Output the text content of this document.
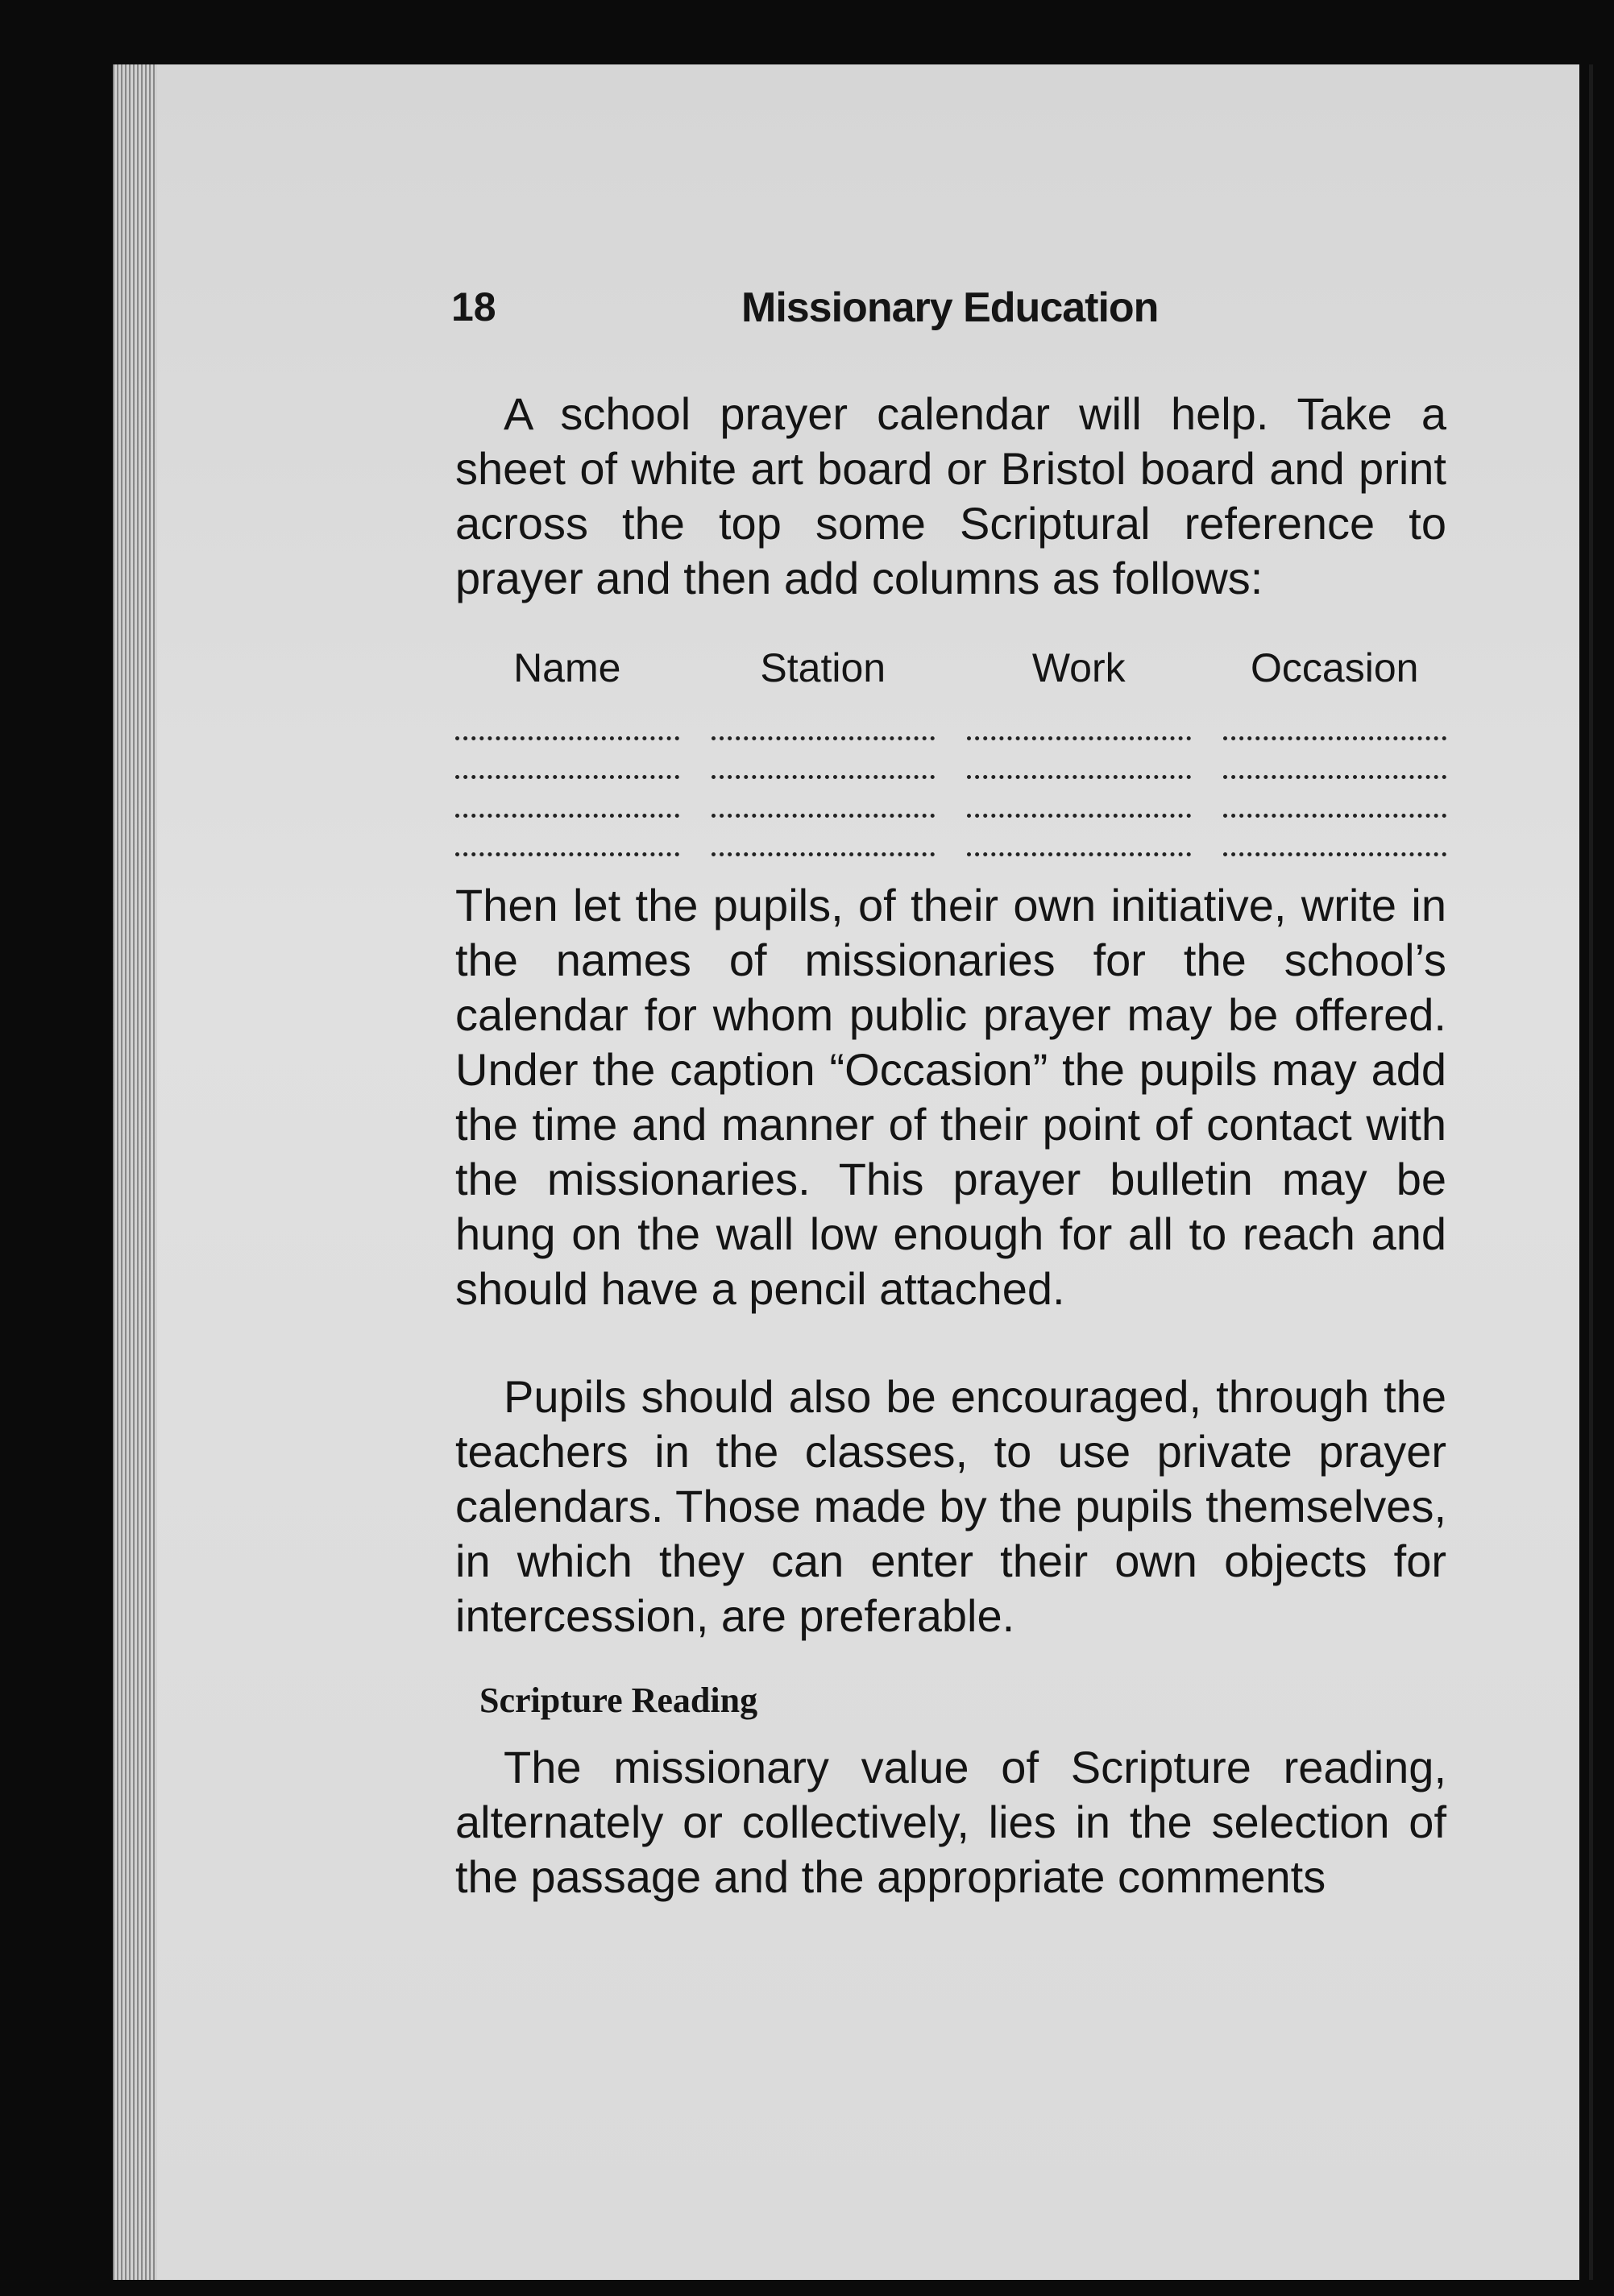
18	Missionary Education

A school prayer calendar will help. Take a sheet of white art board or Bristol board and print across the top some Scriptural reference to prayer and then add columns as follows:

Name	Station	Work	Occasion

Then let the pupils, of their own initiative, write in the names of missionaries for the school’s calendar for whom public prayer may be offered. Under the caption “Occasion” the pupils may add the time and manner of their point of contact with the missionaries. This prayer bulletin may be hung on the wall low enough for all to reach and should have a pencil attached.

Pupils should also be encouraged, through the teachers in the classes, to use private prayer calendars. Those made by the pupils themselves, in which they can enter their own objects for intercession, are preferable.

Scripture Reading

The missionary value of Scripture reading, alternately or collectively, lies in the selection of the passage and the appropriate comments
